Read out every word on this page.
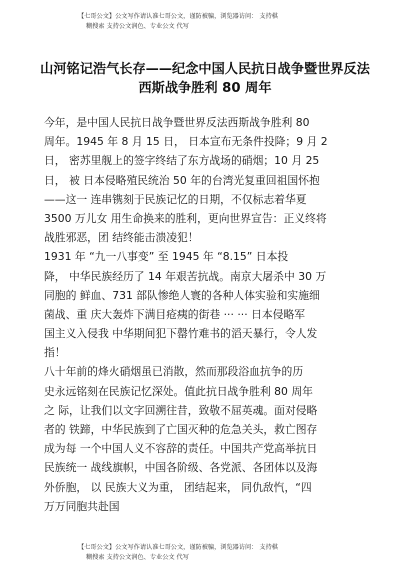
【七哥公文】公文写作请认准七哥公文，谨防被骗，浏览器访问： 支持棋
糊搜索 支持公文润色、专业公文 代写
山河铭记浩气长存——纪念中国人民抗日战争暨世界反法
西斯战争胜利 80 周年
今年，是中国人民抗日战争暨世界反法西斯战争胜利 80
周年。1945 年 8 月 15 日， 日本宣布无条件投降；9 月 2
日， 密苏里舰上的签字终结了东方战场的硝烟；10 月 25
日， 被 日本侵略殖民统治 50 年的台湾光复重回祖国怀抱
——这一 连串镌刻于民族记忆的日期，不仅标志着华夏
3500 万儿女 用生命换来的胜利，更向世界宣告：正义终将
战胜邪恶，团 结终能击溃凌犯！
1931 年 “九一八事变” 至 1945 年 “8.15” 日本投
降， 中华民族经历了 14 年艰苦抗战。南京大屠杀中 30 万
同胞的 鲜血、731 部队惨绝人寰的各种人体实验和实施细
菌战、重 庆大轰炸下满目疮痍的街巷 ··· ··· 日本侵略军
国主义入侵我 中华期间犯下罄竹难书的滔天暴行，令人发
指！
八十年前的烽火硝烟虽已消散，然而那段浴血抗争的历
史永远铭刻在民族记忆深处。值此抗日战争胜利 80 周年
之 际，让我们以文字回溯往昔，致敬不屈英魂。面对侵略
者的 铁蹄，中华民族到了亡国灭种的危急关头，救亡图存
成为每 一个中国人义不容辞的责任。中国共产党高举抗日
民族统一 战线旗帜，中国各阶级、各党派、各团体以及海
外侨胞， 以 民族大义为重， 团结起来， 同仇敌忾，“四
万万同胞共赴国
【七哥公文】公文写作请认准七哥公文，谨防被骗，浏览器访问： 支持棋
糊搜索 支持公文润色、专业公文 代写
